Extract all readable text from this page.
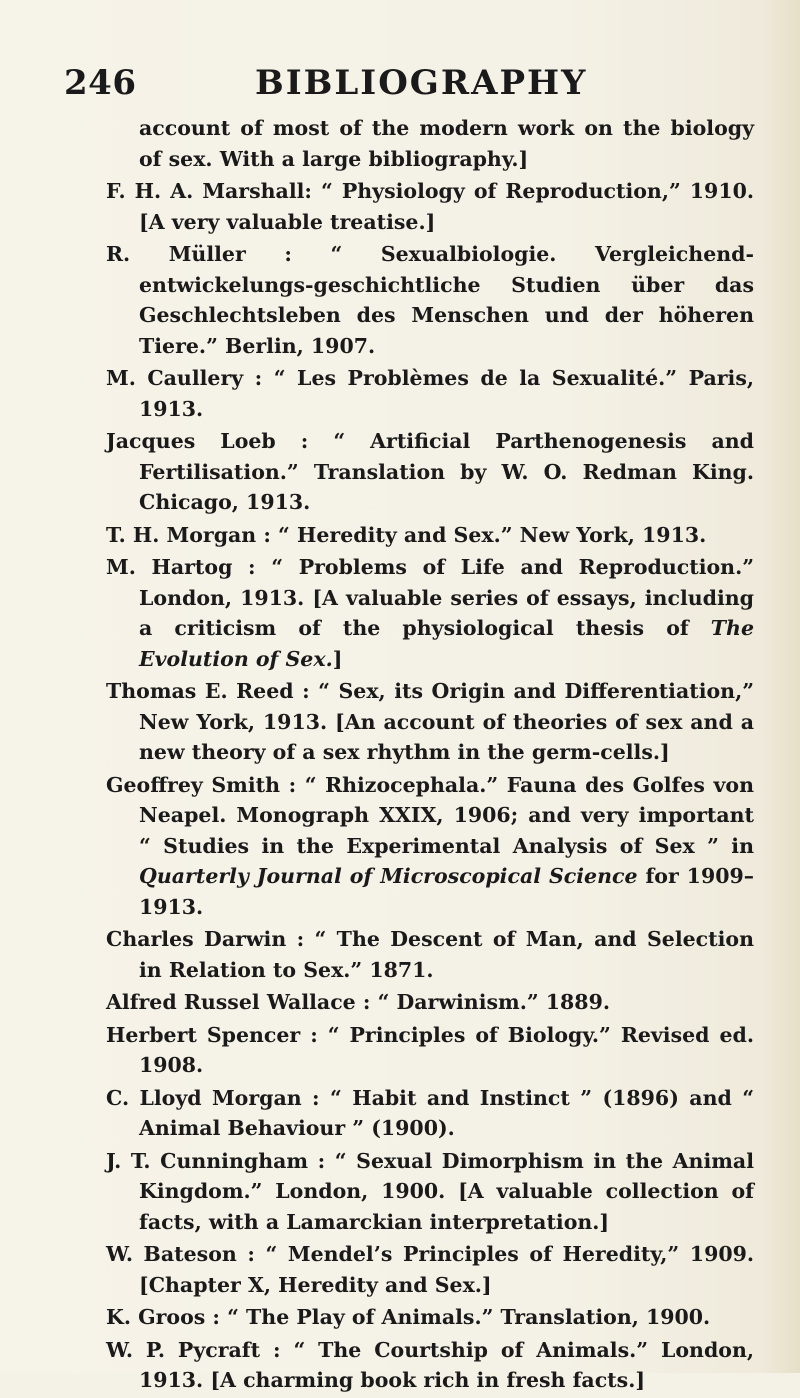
246	BIBLIOGRAPHY

account of most of the modern work on the biology of sex. With a large bibliography.]

F. H. A. Marshall: “ Physiology of Reproduction,” 1910. [A very valuable treatise.]

R. Müller : “ Sexualbiologie. Vergleichend-entwickelungs-geschichtliche Studien über das Geschlechtsleben des Menschen und der höheren Tiere.” Berlin, 1907.

M. Caullery : “ Les Problèmes de la Sexualité.” Paris, 1913.

Jacques Loeb : “ Artificial Parthenogenesis and Fertilisation.” Translation by W. O. Redman King. Chicago, 1913.

T. H. Morgan : “ Heredity and Sex.” New York, 1913.

M. Hartog : “ Problems of Life and Reproduction.” London, 1913. [A valuable series of essays, including a criticism of the physiological thesis of The Evolution of Sex.]

Thomas E. Reed : “ Sex, its Origin and Differentiation,” New York, 1913. [An account of theories of sex and a new theory of a sex rhythm in the germ-cells.]

Geoffrey Smith : “ Rhizocephala.” Fauna des Golfes von Neapel. Monograph XXIX, 1906; and very important “ Studies in the Experimental Analysis of Sex ” in Quarterly Journal of Microscopical Science for 1909–1913.

Charles Darwin : “ The Descent of Man, and Selection in Relation to Sex.” 1871.

Alfred Russel Wallace : “ Darwinism.” 1889.

Herbert Spencer : “ Principles of Biology.” Revised ed. 1908.

C. Lloyd Morgan : “ Habit and Instinct ” (1896) and “ Animal Behaviour ” (1900).

J. T. Cunningham : “ Sexual Dimorphism in the Animal Kingdom.” London, 1900. [A valuable collection of facts, with a Lamarckian interpretation.]

W. Bateson : “ Mendel’s Principles of Heredity,” 1909. [Chapter X, Heredity and Sex.]

K. Groos : “ The Play of Animals.” Translation, 1900.

W. P. Pycraft : “ The Courtship of Animals.” London, 1913. [A charming book rich in fresh facts.]
